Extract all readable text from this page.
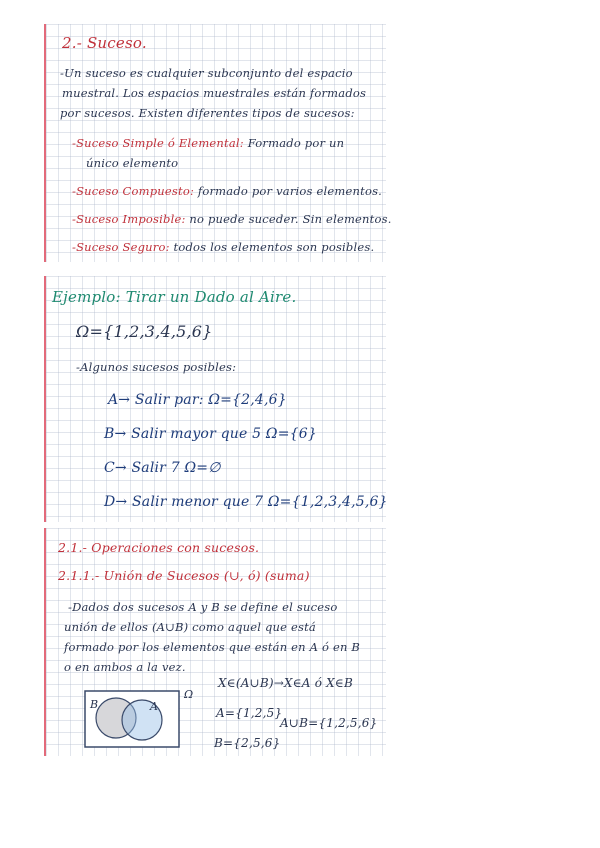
2.- Suceso.
-Un suceso es cualquier subconjunto del espacio
muestral. Los espacios muestrales están formados
por sucesos. Existen diferentes tipos de sucesos:
-Suceso Simple ó Elemental: Formado por un
único elemento
-Suceso Compuesto: formado por varios elementos.
-Suceso Imposible: no puede suceder. Sin elementos.
-Suceso Seguro: todos los elementos son posibles.
Ejemplo: Tirar un Dado al Aire.
Ω={1,2,3,4,5,6}
-Algunos sucesos posibles:
A→ Salir par: Ω={2,4,6}
B→ Salir mayor que 5 Ω={6}
C→ Salir 7 Ω=∅
D→ Salir menor que 7 Ω={1,2,3,4,5,6}
2.1.- Operaciones con sucesos.
2.1.1.- Unión de Sucesos (∪, ó) (suma)
-Dados dos sucesos A y B se define el suceso
unión de ellos (A∪B) como aquel que está
formado por los elementos que están en A ó en B
o en ambos a la vez.
B	A
Ω
X∈(A∪B)→X∈A ó X∈B
A={1,2,5}
A∪B={1,2,5,6}
B={2,5,6}
